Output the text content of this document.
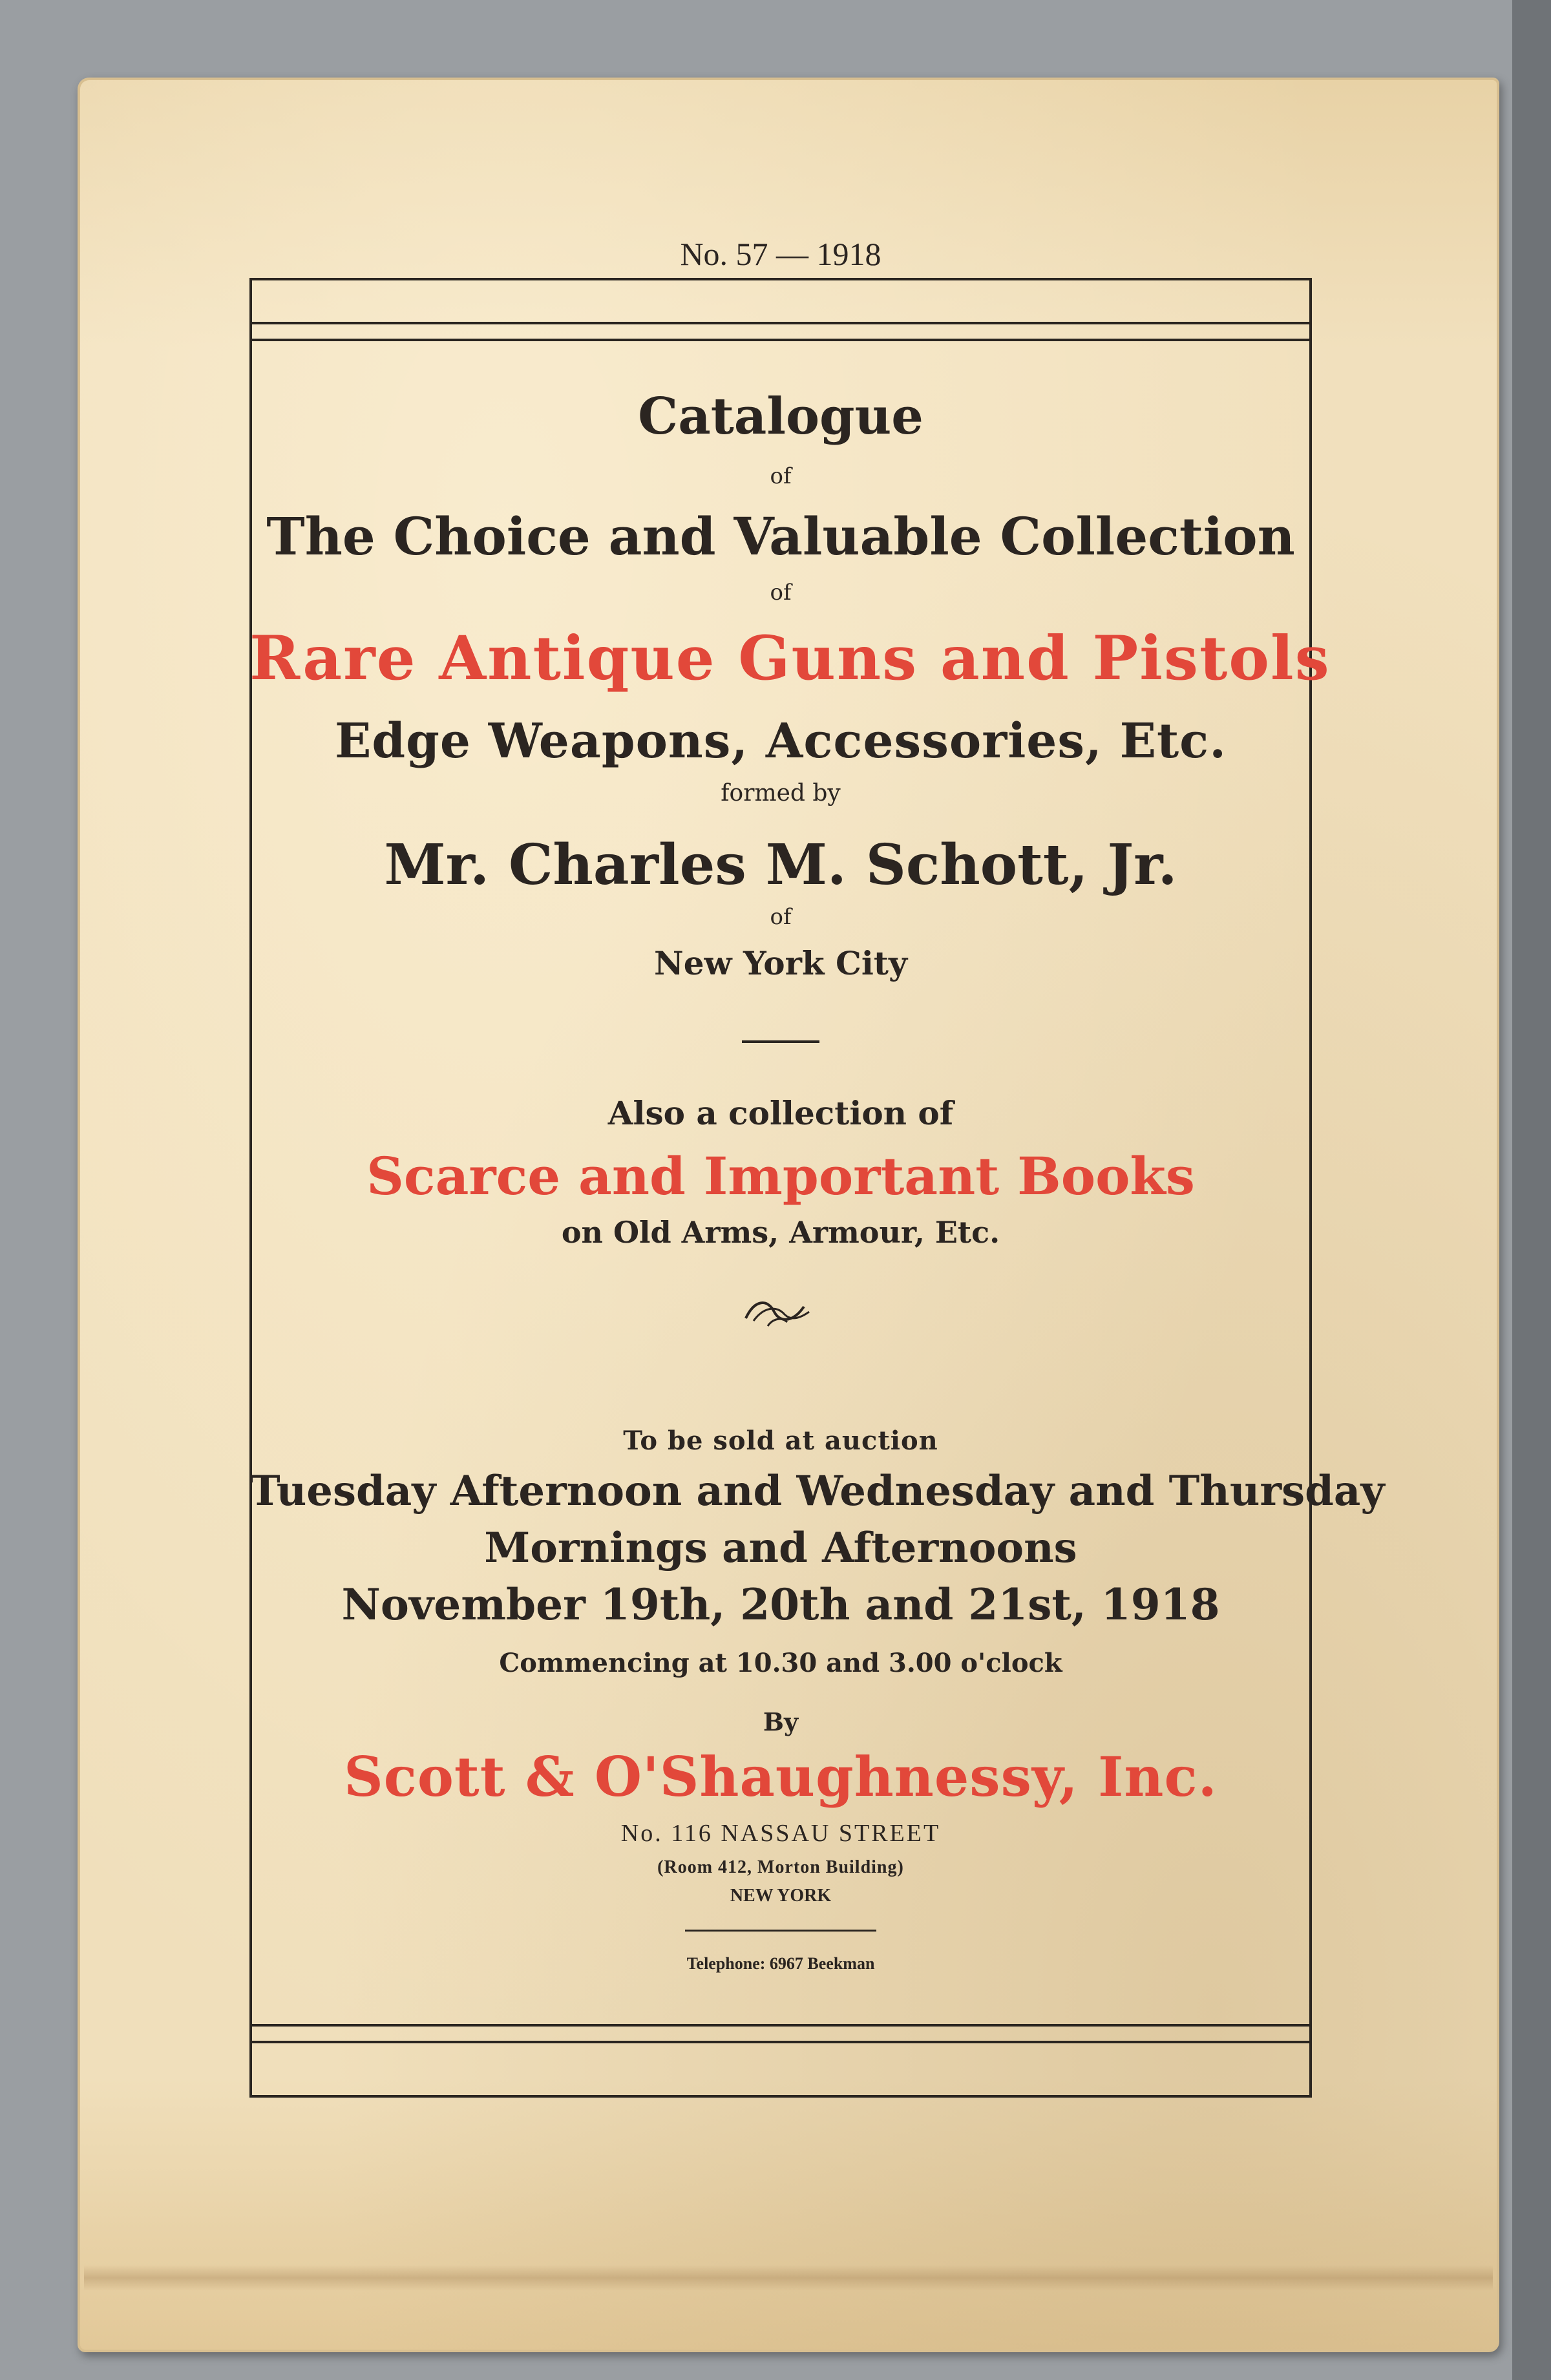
No. 57 — 1918
Catalogue
of
The Choice and Valuable Collection
of
Rare Antique Guns and Pistols
Edge Weapons, Accessories, Etc.
formed by
Mr. Charles M. Schott, Jr.
of
New York City
Also a collection of
Scarce and Important Books
on Old Arms, Armour, Etc.
To be sold at auction
Tuesday Afternoon and Wednesday and Thursday
Mornings and Afternoons
November 19th, 20th and 21st, 1918
Commencing at 10.30 and 3.00 o'clock
By
Scott & O'Shaughnessy, Inc.
No. 116 NASSAU STREET
(Room 412, Morton Building)
NEW YORK
Telephone: 6967 Beekman
